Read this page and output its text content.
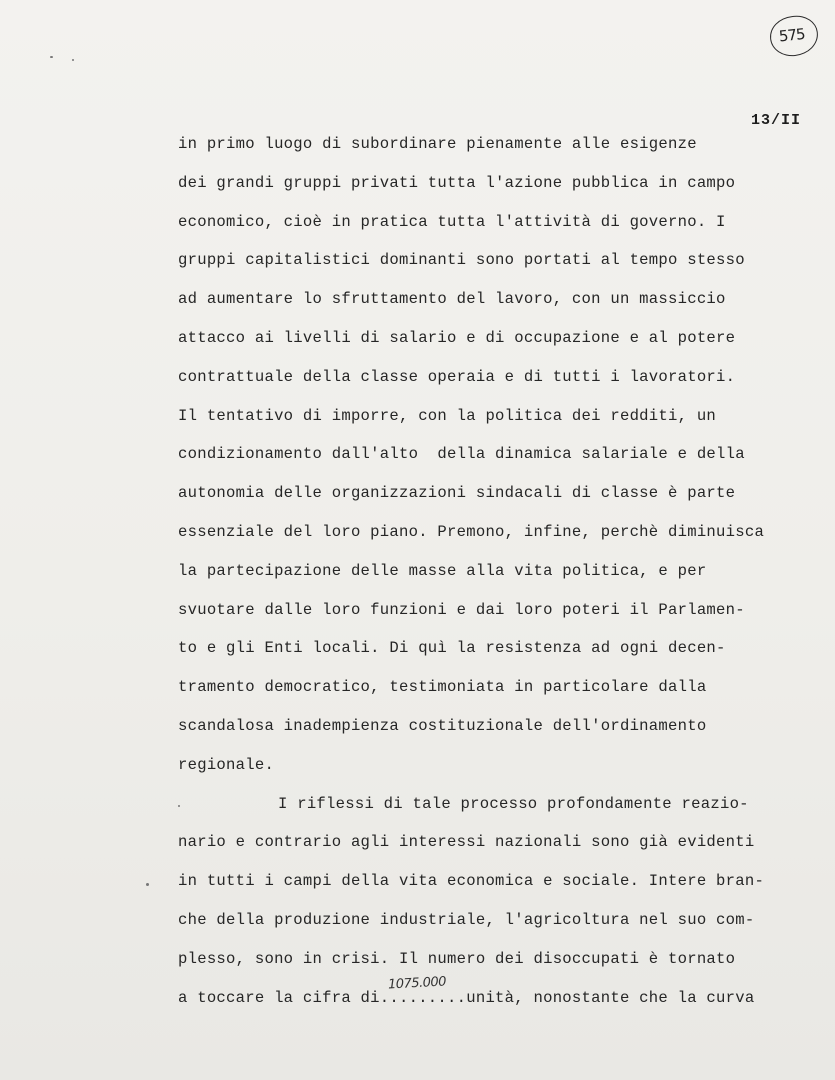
575
13/II
in primo luogo di subordinare pienamente alle esigenze
dei grandi gruppi privati tutta l'azione pubblica in campo
economico, cioè in pratica tutta l'attività di governo. I
gruppi capitalistici dominanti sono portati al tempo stesso
ad aumentare lo sfruttamento del lavoro, con un massiccio
attacco ai livelli di salario e di occupazione e al potere
contrattuale della classe operaia e di tutti i lavoratori.
Il tentativo di imporre, con la politica dei redditi, un
condizionamento dall'alto  della dinamica salariale e della
autonomia delle organizzazioni sindacali di classe è parte
essenziale del loro piano. Premono, infine, perchè diminuisca
la partecipazione delle masse alla vita politica, e per
svuotare dalle loro funzioni e dai loro poteri il Parlamen-
to e gli Enti locali. Di quì la resistenza ad ogni decen-
tramento democratico, testimoniata in particolare dalla
scandalosa inadempienza costituzionale dell'ordinamento
regionale.
I riflessi di tale processo profondamente reazio-
nario e contrario agli interessi nazionali sono già evidenti
in tutti i campi della vita economica e sociale. Intere bran-
che della produzione industriale, l'agricoltura nel suo com-
plesso, sono in crisi. Il numero dei disoccupati è tornato
a toccare la cifra di.........unità, nonostante che la curva
1075.000
